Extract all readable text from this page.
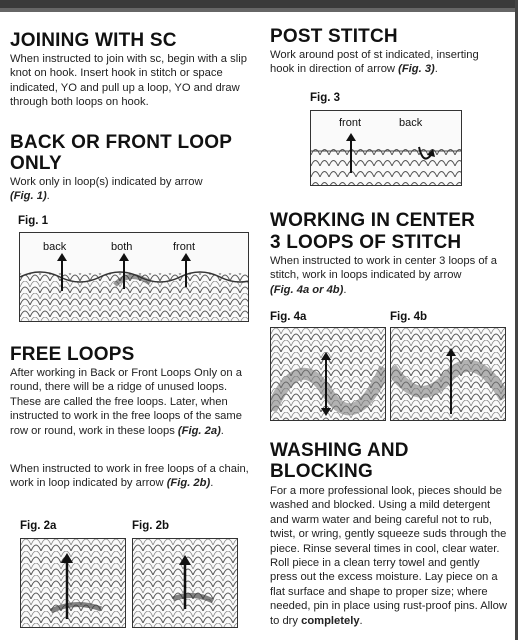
JOINING WITH SC

When instructed to join with sc, begin with a slip knot on hook. Insert hook in stitch or space indicated, YO and pull up a loop, YO and draw through both loops on hook.

BACK OR FRONT LOOP
ONLY

Work only in loop(s) indicated by arrow
(Fig. 1).

Fig. 1
back	both	front
FREE LOOPS

After working in Back or Front Loops Only on a round, there will be a ridge of unused loops. These are called the free loops. Later, when instructed to work in the free loops of the same row or round, work in these loops (Fig. 2a).

When instructed to work in free loops of a chain, work in loop indicated by arrow (Fig. 2b).

Fig. 2a	Fig. 2b
POST STITCH

Work around post of st indicated, inserting hook in direction of arrow (Fig. 3).

Fig. 3
front	back
WORKING IN CENTER
3 LOOPS OF STITCH

When instructed to work in center 3 loops of a stitch, work in loops indicated by arrow
(Fig. 4a or 4b).

Fig. 4a	Fig. 4b
WASHING AND
BLOCKING

For a more professional look, pieces should be washed and blocked. Using a mild detergent and warm water and being careful not to rub, twist, or wring, gently squeeze suds through the piece. Rinse several times in cool, clear water. Roll piece in a clean terry towel and gently press out the excess moisture. Lay piece on a flat surface and shape to proper size; where needed, pin in place using rust-proof pins. Allow to dry completely.
